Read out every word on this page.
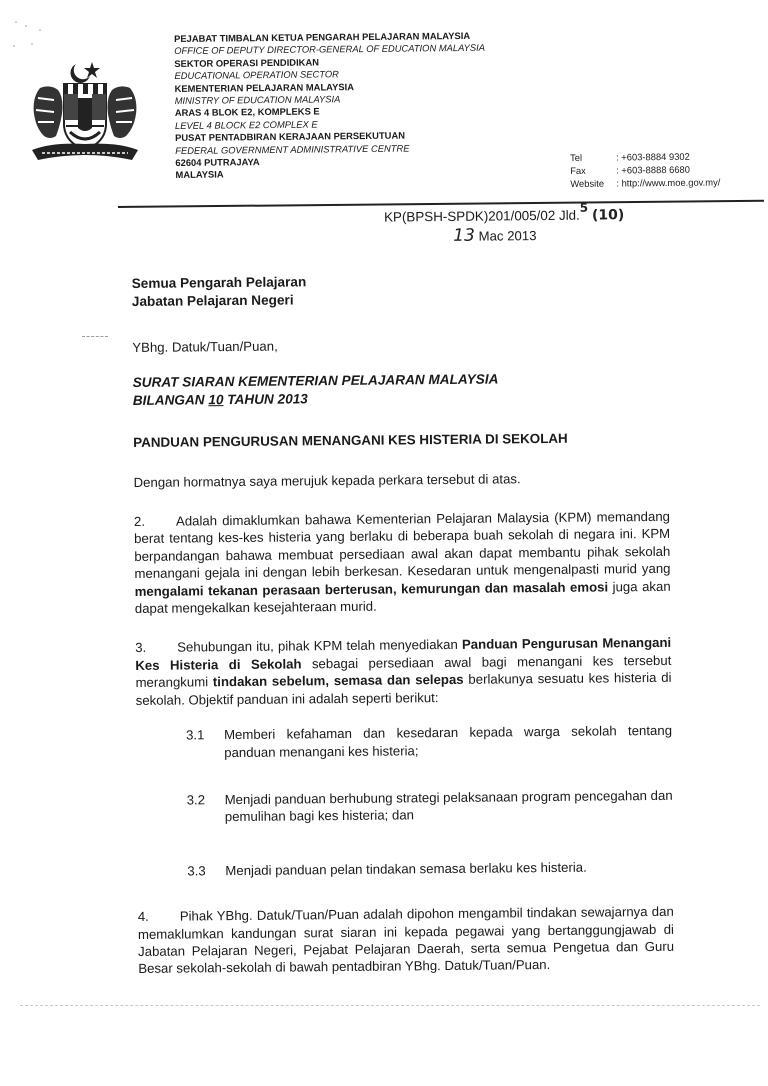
PEJABAT TIMBALAN KETUA PENGARAH PELAJARAN MALAYSIA
OFFICE OF DEPUTY DIRECTOR-GENERAL OF EDUCATION MALAYSIA
SEKTOR OPERASI PENDIDIKAN
EDUCATIONAL OPERATION SECTOR
KEMENTERIAN PELAJARAN MALAYSIA
MINISTRY OF EDUCATION MALAYSIA
ARAS 4 BLOK E2, KOMPLEKS E
LEVEL 4 BLOCK E2 COMPLEX E
PUSAT PENTADBIRAN KERAJAAN PERSEKUTUAN
FEDERAL GOVERNMENT ADMINISTRATIVE CENTRE
62604 PUTRAJAYA
MALAYSIA
Tel	: +603-8884 9302
Fax	: +603-8888 6680
Website : http://www.moe.gov.my/
KP(BPSH-SPDK)201/005/02 Jld.5 (10)
13 Mac 2013
Semua Pengarah Pelajaran
Jabatan Pelajaran Negeri
YBhg. Datuk/Tuan/Puan,
SURAT SIARAN KEMENTERIAN PELAJARAN MALAYSIA
BILANGAN 10 TAHUN 2013
PANDUAN PENGURUSAN MENANGANI KES HISTERIA DI SEKOLAH
Dengan hormatnya saya merujuk kepada perkara tersebut di atas.

2. Adalah dimaklumkan bahawa Kementerian Pelajaran Malaysia (KPM) memandang berat tentang kes-kes histeria yang berlaku di beberapa buah sekolah di negara ini. KPM berpandangan bahawa membuat persediaan awal akan dapat membantu pihak sekolah menangani gejala ini dengan lebih berkesan. Kesedaran untuk mengenalpasti murid yang mengalami tekanan perasaan berterusan, kemurungan dan masalah emosi juga akan dapat mengekalkan kesejahteraan murid.

3. Sehubungan itu, pihak KPM telah menyediakan Panduan Pengurusan Menangani Kes Histeria di Sekolah sebagai persediaan awal bagi menangani kes tersebut merangkumi tindakan sebelum, semasa dan selepas berlakunya sesuatu kes histeria di sekolah. Objektif panduan ini adalah seperti berikut:

3.1 Memberi kefahaman dan kesedaran kepada warga sekolah tentang panduan menangani kes histeria;
3.2 Menjadi panduan berhubung strategi pelaksanaan program pencegahan dan pemulihan bagi kes histeria; dan
3.3 Menjadi panduan pelan tindakan semasa berlaku kes histeria.

4. Pihak YBhg. Datuk/Tuan/Puan adalah dipohon mengambil tindakan sewajarnya dan memaklumkan kandungan surat siaran ini kepada pegawai yang bertanggungjawab di Jabatan Pelajaran Negeri, Pejabat Pelajaran Daerah, serta semua Pengetua dan Guru Besar sekolah-sekolah di bawah pentadbiran YBhg. Datuk/Tuan/Puan.
